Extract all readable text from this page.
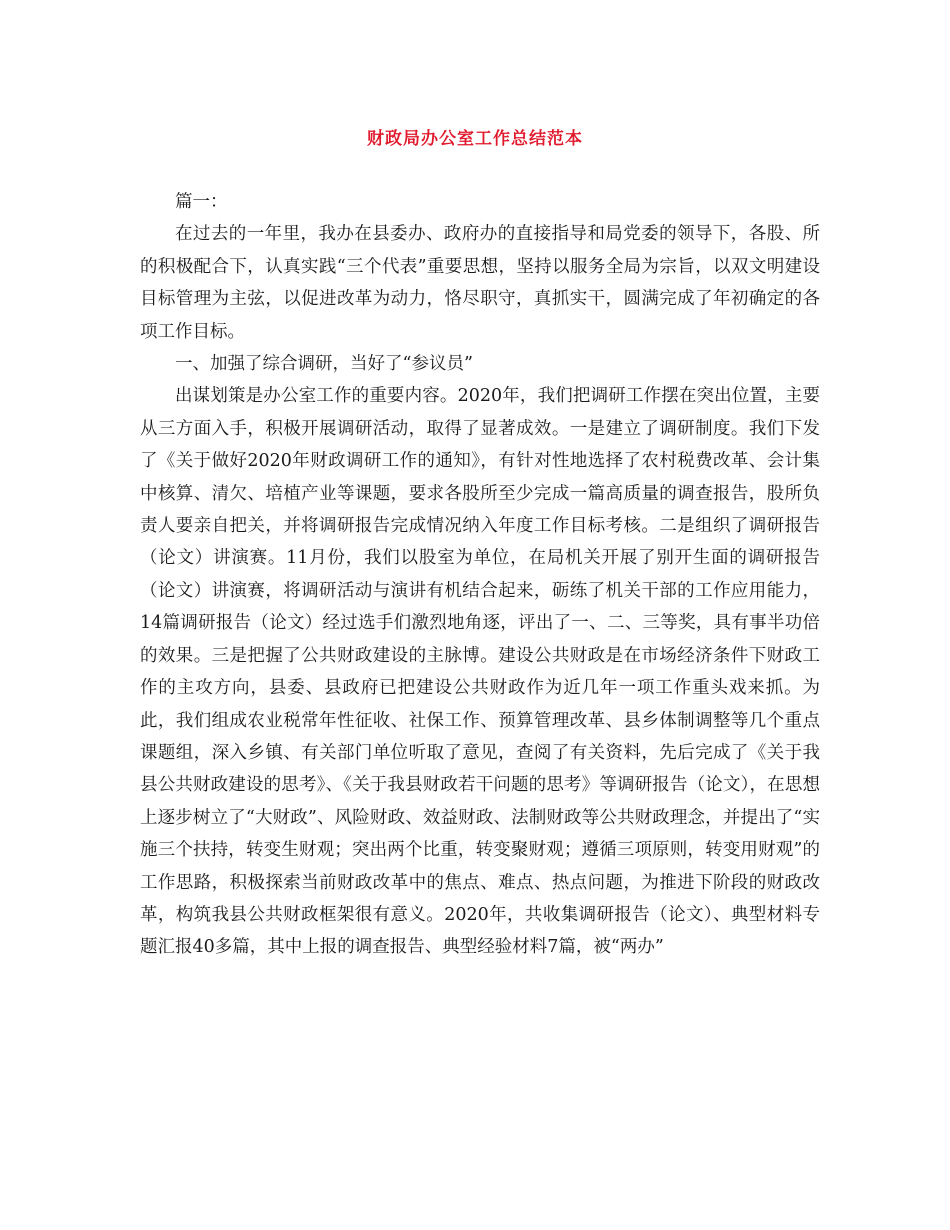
财政局办公室工作总结范本

篇一：

在过去的一年里，我办在县委办、政府办的直接指导和局党委的领导下，各股、所的积极配合下，认真实践“三个代表”重要思想，坚持以服务全局为宗旨，以双文明建设目标管理为主弦，以促进改革为动力，恪尽职守，真抓实干，圆满完成了年初确定的各项工作目标。

一、加强了综合调研，当好了“参议员”

出谋划策是办公室工作的重要内容。2020年，我们把调研工作摆在突出位置，主要从三方面入手，积极开展调研活动，取得了显著成效。一是建立了调研制度。我们下发了《关于做好2020年财政调研工作的通知》，有针对性地选择了农村税费改革、会计集中核算、清欠、培植产业等课题，要求各股所至少完成一篇高质量的调查报告，股所负责人要亲自把关，并将调研报告完成情况纳入年度工作目标考核。二是组织了调研报告（论文）讲演赛。11月份，我们以股室为单位，在局机关开展了别开生面的调研报告（论文）讲演赛，将调研活动与演讲有机结合起来，砺练了机关干部的工作应用能力，14篇调研报告（论文）经过选手们激烈地角逐，评出了一、二、三等奖，具有事半功倍的效果。三是把握了公共财政建设的主脉博。建设公共财政是在市场经济条件下财政工作的主攻方向，县委、县政府已把建设公共财政作为近几年一项工作重头戏来抓。为此，我们组成农业税常年性征收、社保工作、预算管理改革、县乡体制调整等几个重点课题组，深入乡镇、有关部门单位听取了意见，查阅了有关资料，先后完成了《关于我县公共财政建设的思考》、《关于我县财政若干问题的思考》等调研报告（论文），在思想上逐步树立了“大财政”、风险财政、效益财政、法制财政等公共财政理念，并提出了“实施三个扶持，转变生财观；突出两个比重，转变聚财观；遵循三项原则，转变用财观”的工作思路，积极探索当前财政改革中的焦点、难点、热点问题，为推进下阶段的财政改革，构筑我县公共财政框架很有意义。2020年，共收集调研报告（论文）、典型材料专题汇报40多篇，其中上报的调查报告、典型经验材料7篇，被“两办”
